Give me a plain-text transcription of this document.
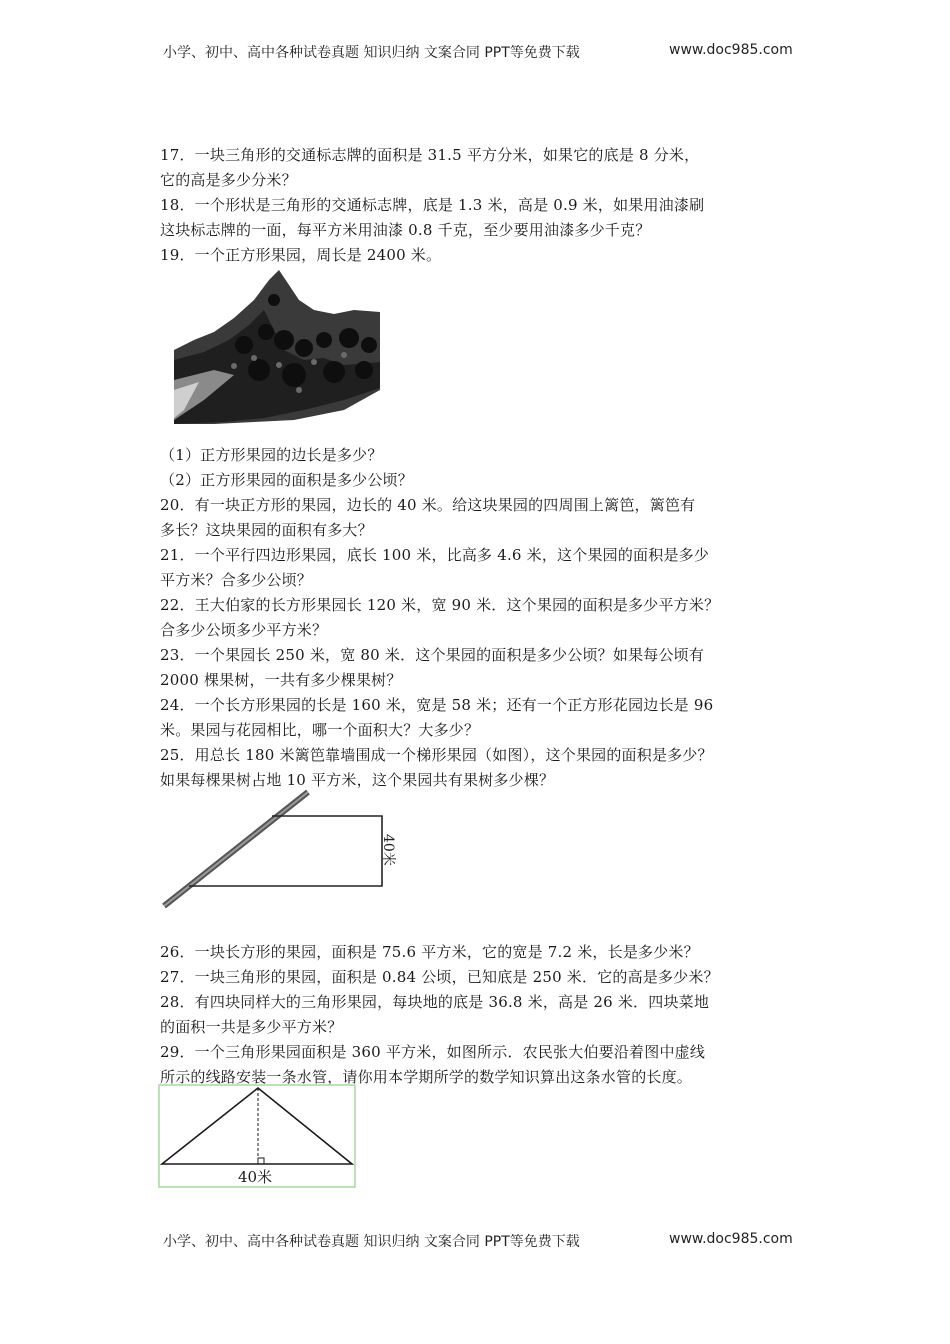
小学、初中、高中各种试卷真题 知识归纳 文案合同 PPT等免费下载	www.doc985.com
17．一块三角形的交通标志牌的面积是 31.5 平方分米，如果它的底是 8 分米，
它的高是多少分米？
18．一个形状是三角形的交通标志牌，底是 1.3 米，高是 0.9 米，如果用油漆刷
这块标志牌的一面，每平方米用油漆 0.8 千克，至少要用油漆多少千克？
19．一个正方形果园，周长是 2400 米。
（1）正方形果园的边长是多少？
（2）正方形果园的面积是多少公顷？
20．有一块正方形的果园，边长的 40 米。给这块果园的四周围上篱笆，篱笆有
多长？这块果园的面积有多大？
21．一个平行四边形果园，底长 100 米，比高多 4.6 米，这个果园的面积是多少
平方米？合多少公顷？
22．王大伯家的长方形果园长 120 米，宽 90 米．这个果园的面积是多少平方米？
合多少公顷多少平方米？
23．一个果园长 250 米，宽 80 米．这个果园的面积是多少公顷？如果每公顷有
2000 棵果树，一共有多少棵果树？
24．一个长方形果园的长是 160 米，宽是 58 米；还有一个正方形花园边长是 96
米。果园与花园相比，哪一个面积大？大多少？
25．用总长 180 米篱笆靠墙围成一个梯形果园（如图），这个果园的面积是多少？
如果每棵果树占地 10 平方米，这个果园共有果树多少棵？
40米
26．一块长方形的果园，面积是 75.6 平方米，它的宽是 7.2 米，长是多少米？
27．一块三角形的果园，面积是 0.84 公顷，已知底是 250 米．它的高是多少米？
28．有四块同样大的三角形果园，每块地的底是 36.8 米，高是 26 米．四块菜地
的面积一共是多少平方米？
29．一个三角形果园面积是 360 平方米，如图所示．农民张大伯要沿着图中虚线
所示的线路安装一条水管，请你用本学期所学的数学知识算出这条水管的长度。
40米
小学、初中、高中各种试卷真题 知识归纳 文案合同 PPT等免费下载	www.doc985.com
